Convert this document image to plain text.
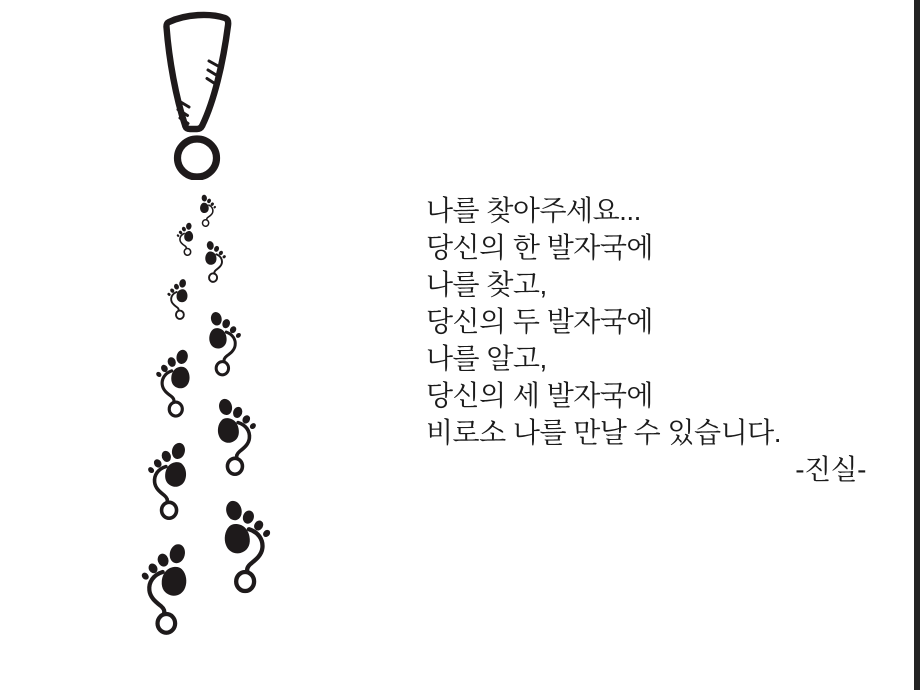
나를 찾아주세요...
당신의 한 발자국에
나를 찾고,
당신의 두 발자국에
나를 알고,
당신의 세 발자국에
비로소 나를 만날 수 있습니다.
-진실-
